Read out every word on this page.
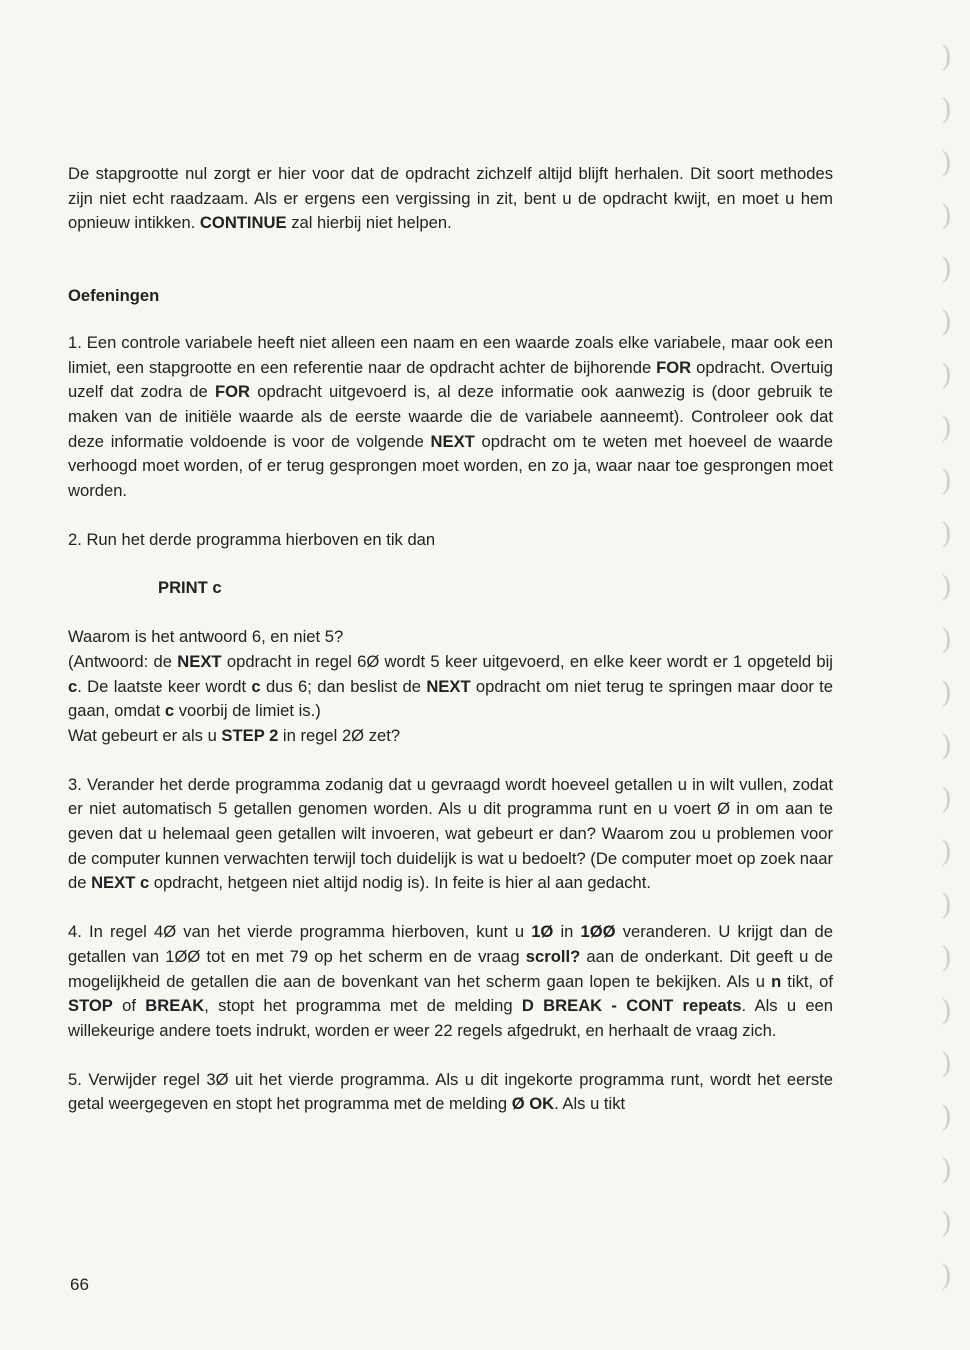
De stapgrootte nul zorgt er hier voor dat de opdracht zichzelf altijd blijft herhalen. Dit soort methodes zijn niet echt raadzaam. Als er ergens een vergissing in zit, bent u de opdracht kwijt, en moet u hem opnieuw intikken. CONTINUE zal hierbij niet helpen.

Oefeningen

1. Een controle variabele heeft niet alleen een naam en een waarde zoals elke variabele, maar ook een limiet, een stapgrootte en een referentie naar de opdracht achter de bijhorende FOR opdracht. Overtuig uzelf dat zodra de FOR opdracht uitgevoerd is, al deze informatie ook aanwezig is (door gebruik te maken van de initiële waarde als de eerste waarde die de variabele aanneemt). Controleer ook dat deze informatie voldoende is voor de volgende NEXT opdracht om te weten met hoeveel de waarde verhoogd moet worden, of er terug gesprongen moet worden, en zo ja, waar naar toe gesprongen moet worden.

2. Run het derde programma hierboven en tik dan

PRINT c

Waarom is het antwoord 6, en niet 5?

(Antwoord: de NEXT opdracht in regel 6Ø wordt 5 keer uitgevoerd, en elke keer wordt er 1 opgeteld bij c. De laatste keer wordt c dus 6; dan beslist de NEXT opdracht om niet terug te springen maar door te gaan, omdat c voorbij de limiet is.)

Wat gebeurt er als u STEP 2 in regel 2Ø zet?

3. Verander het derde programma zodanig dat u gevraagd wordt hoeveel getallen u in wilt vullen, zodat er niet automatisch 5 getallen genomen worden. Als u dit programma runt en u voert Ø in om aan te geven dat u helemaal geen getallen wilt invoeren, wat gebeurt er dan? Waarom zou u problemen voor de computer kunnen verwachten terwijl toch duidelijk is wat u bedoelt? (De computer moet op zoek naar de NEXT c opdracht, hetgeen niet altijd nodig is). In feite is hier al aan gedacht.

4. In regel 4Ø van het vierde programma hierboven, kunt u 1Ø in 1ØØ veranderen. U krijgt dan de getallen van 1ØØ tot en met 79 op het scherm en de vraag scroll? aan de onderkant. Dit geeft u de mogelijkheid de getallen die aan de bovenkant van het scherm gaan lopen te bekijken. Als u n tikt, of STOP of BREAK, stopt het programma met de melding D BREAK - CONT repeats. Als u een willekeurige andere toets indrukt, worden er weer 22 regels afgedrukt, en herhaalt de vraag zich.

5. Verwijder regel 3Ø uit het vierde programma. Als u dit ingekorte programma runt, wordt het eerste getal weergegeven en stopt het programma met de melding Ø OK. Als u tikt

66
)
)
)
)
)
)
)
)
)
)
)
)
)
)
)
)
)
)
)
)
)
)
)
)
